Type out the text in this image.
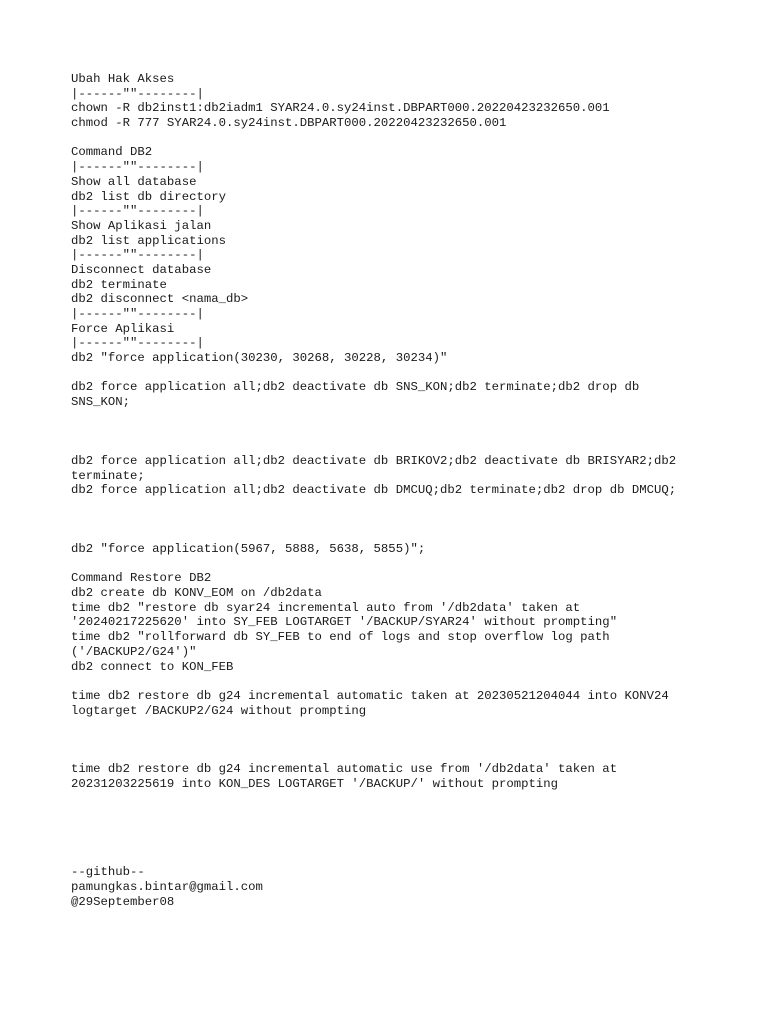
Ubah Hak Akses
|------""--------|
chown -R db2inst1:db2iadm1 SYAR24.0.sy24inst.DBPART000.20220423232650.001
chmod -R 777 SYAR24.0.sy24inst.DBPART000.20220423232650.001
Command DB2
|------""--------|
Show all database
db2 list db directory
|------""--------|
Show Aplikasi jalan
db2 list applications
|------""--------|
Disconnect database
db2 terminate
db2 disconnect <nama_db>
|------""--------|
Force Aplikasi
|------""--------|
db2 "force application(30230, 30268, 30228, 30234)"
db2 force application all;db2 deactivate db SNS_KON;db2 terminate;db2 drop db
SNS_KON;
db2 force application all;db2 deactivate db BRIKOV2;db2 deactivate db BRISYAR2;db2
terminate;
db2 force application all;db2 deactivate db DMCUQ;db2 terminate;db2 drop db DMCUQ;
db2 "force application(5967, 5888, 5638, 5855)";
Command Restore DB2
db2 create db KONV_EOM on /db2data
time db2 "restore db syar24 incremental auto from '/db2data' taken at
'20240217225620' into SY_FEB LOGTARGET '/BACKUP/SYAR24' without prompting"
time db2 "rollforward db SY_FEB to end of logs and stop overflow log path
('/BACKUP2/G24')"
db2 connect to KON_FEB
time db2 restore db g24 incremental automatic taken at 20230521204044 into KONV24
logtarget /BACKUP2/G24 without prompting
time db2 restore db g24 incremental automatic use from '/db2data' taken at
20231203225619 into KON_DES LOGTARGET '/BACKUP/' without prompting
--github--
pamungkas.bintar@gmail.com
@29September08
